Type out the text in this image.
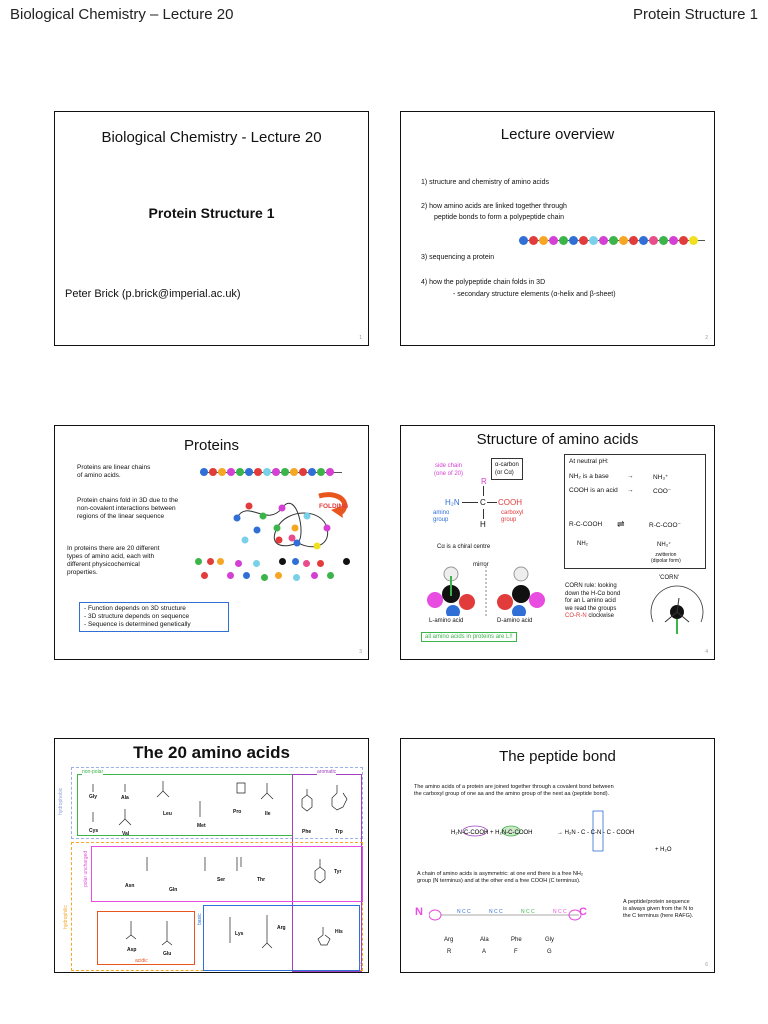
Biological Chemistry – Lecture 20	Protein Structure 1
Biological Chemistry - Lecture 20
Protein Structure 1
Peter Brick (p.brick@imperial.ac.uk)
1
Lecture overview
1) structure and chemistry of amino acids
2) how amino acids are linked together through
peptide bonds to form a polypeptide chain
3) sequencing a protein
4) how the polypeptide chain folds in 3D
- secondary structure elements (α-helix and β-sheet)
2
Proteins
Proteins are linear chains
of amino acids.
Protein chains fold in 3D due to the
non-covalent interactions between
regions of the linear sequence
FOLDING
In proteins there are 20 different
types of amino acid, each with
different physicochemical
properties.
- Function depends on 3D structure
- 3D structure depends on sequence
- Sequence is determined genetically
3
Structure of amino acids
side chain
(one of 20)
α-carbon
(or Cα)
R
H₂N	C COOH
H
amino
group
carboxyl
group
At neutral pH:
NH₂ is a base	→	NH₃⁺
COOH is an acid →	COO⁻
R-C-COOH ⇌	R-C-COO⁻
NH₂	NH₃⁺
zwitterion
(dipolar form)
Cα is a chiral centre
mirror
L-amino acid	D-amino acid
all amino acids in proteins are L!!
'CORN'
CORN rule: looking
down the H-Cα bond
for an L amino acid
we read the groups
CO-R-N clockwise
4
The 20 amino acids
hydrophobic
non-polar	aromatic
hydrophilic
polar uncharged
acidic
basic
Gly	Ala
Leu	Pro	Ile
Phe	Trp
Cys	Val
Met
Asn
Gln
Ser	Thr
Tyr
Asp
Glu
Lys
Arg
His
5
The peptide bond
The amino acids of a protein are joined together through a covalent bond between
the carboxyl group of one aa and the amino group of the next aa (peptide bond).
H₂N-C-COOH + H₂N-C-COOH	→ H₂N - C - C-N - C - COOH
+ H₂O
A chain of amino acids is asymmetric: at one end there is a free NH₂
group (N terminus) and at the other end a free COOH (C terminus).
N	N C C	N C C	N C C	N C C C
A peptide/protein sequence
is always given from the N to
the C terminus (here RAFG).
Arg	Ala	Phe	Gly
R	A	F	G
6
